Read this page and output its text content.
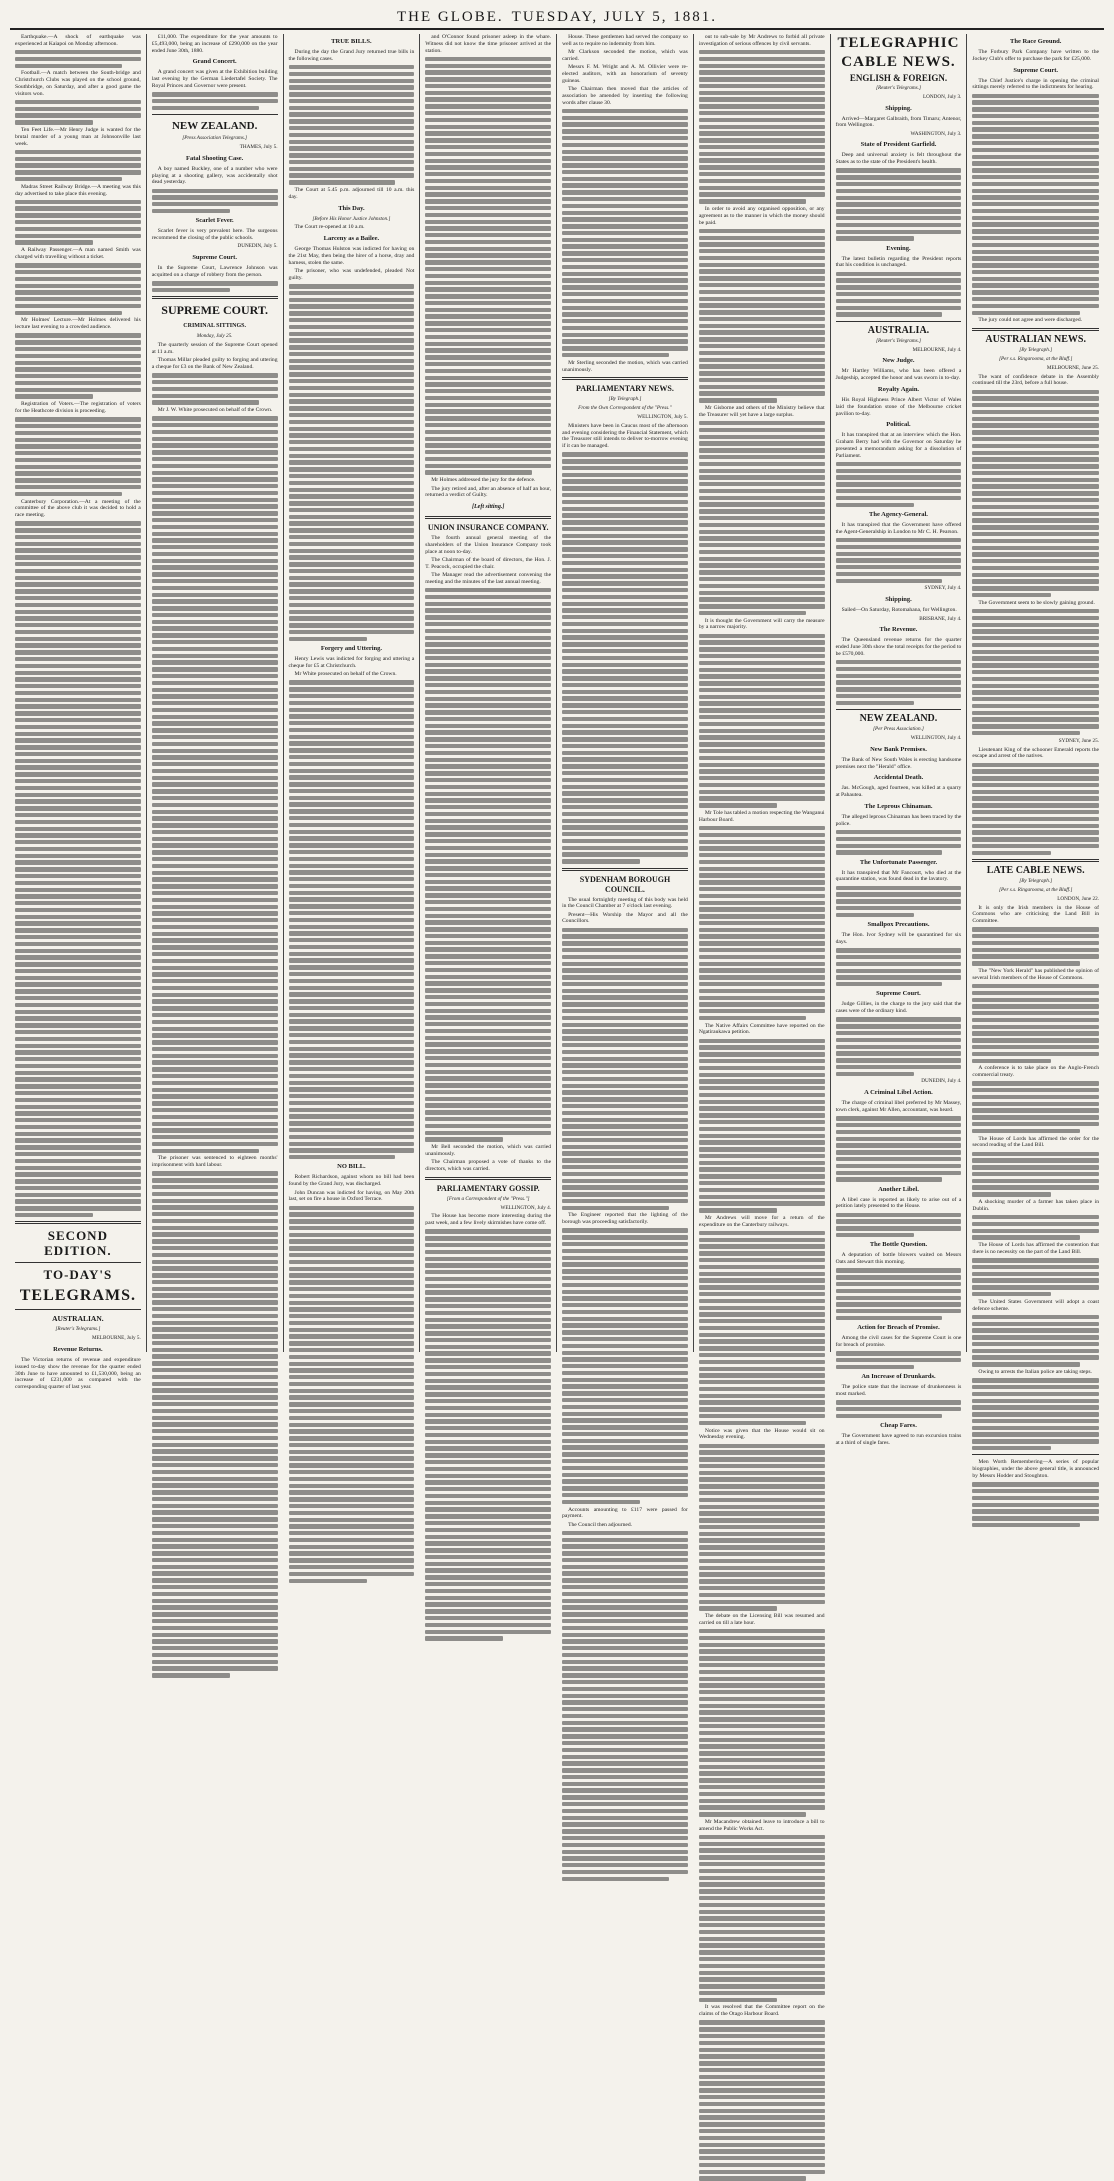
THE GLOBE. TUESDAY, JULY 5, 1881.

Earthquake.—A shock of earthquake was experienced at Kaiapoi on Monday afternoon.

Football.—A match between the South-bridge and Christchurch Clubs was played on the school ground, Southbridge, on Saturday, and after a good game the visitors won.

Ten Feet Life.—Mr Henry Judge is wanted for the brutal murder of a young man at Johnsonville last week.

Madras Street Railway Bridge.—A meeting was this day advertised to take place this evening.

A Railway Passenger.—A man named Smith was charged with travelling without a ticket.

Mr Holmes' Lecture.—Mr Holmes delivered his lecture last evening to a crowded audience.

Registration of Voters.—The registration of voters for the Heathcote division is proceeding.

Canterbury Corporation.—At a meeting of the committee of the above club it was decided to hold a race meeting.

SECOND EDITION.
TO-DAY'S
TELEGRAMS.
AUSTRALIAN.
[Reuter's Telegrams.]
MELBOURNE, July 5.
Revenue Returns.

The Victorian returns of revenue and expenditure issued to-day show the revenue for the quarter ended 30th June to have amounted to £1,530,000, being an increase of £231,000 as compared with the corresponding quarter of last year.

£11,000. The expenditure for the year amounts to £5,493,000, being an increase of £290,000 on the year ended June 30th, 1880.

Grand Concert.

A grand concert was given at the Exhibition building last evening by the German Liedertafel Society. The Royal Princes and Governor were present.

NEW ZEALAND.
[Press Association Telegrams.]
THAMES, July 5.
Fatal Shooting Case.

A boy named Buckley, one of a number who were playing at a shooting gallery, was accidentally shot dead yesterday.

Scarlet Fever.

Scarlet fever is very prevalent here. The surgeons recommend the closing of the public schools.

DUNEDIN, July 5.
Supreme Court.

In the Supreme Court, Lawrence Johnson was acquitted on a charge of robbery from the person.

SUPREME COURT.
CRIMINAL SITTINGS.
Monday, July 25.

The quarterly session of the Supreme Court opened at 11 a.m.

Thomas Millar pleaded guilty to forging and uttering a cheque for £3 on the Bank of New Zealand.

Mr J. W. White prosecuted on behalf of the Crown.

The prisoner was sentenced to eighteen months' imprisonment with hard labour.

TRUE BILLS.

During the day the Grand Jury returned true bills in the following cases.

The Court at 5.45 p.m. adjourned till 10 a.m. this day.

This Day.
[Before His Honor Justice Johnston.]

The Court re-opened at 10 a.m.

Larceny as a Bailee.

George Thomas Hulston was indicted for having on the 21st May, then being the hirer of a horse, dray and harness, stolen the same.

The prisoner, who was undefended, pleaded Not guilty.

Forgery and Uttering.

Henry Lewis was indicted for forging and uttering a cheque for £5 at Christchurch.

Mr White prosecuted on behalf of the Crown.

NO BILL.

Robert Richardson, against whom no bill had been found by the Grand Jury, was discharged.

John Duncan was indicted for having, on May 20th last, set on fire a house in Oxford Terrace.

and O'Connor found prisoner asleep in the whare. Witness did not know the time prisoner arrived at the station.

Mr Holmes addressed the jury for the defence.

The jury retired and, after an absence of half an hour, returned a verdict of Guilty.

[Left sitting.]
UNION INSURANCE COMPANY.

The fourth annual general meeting of the shareholders of the Union Insurance Company took place at noon to-day.

The Chairman of the board of directors, the Hon. J. T. Peacock, occupied the chair.

The Manager read the advertisement convening the meeting and the minutes of the last annual meeting.

Mr Bell seconded the motion, which was carried unanimously.

The Chairman proposed a vote of thanks to the directors, which was carried.

PARLIAMENTARY GOSSIP.
[From a Correspondent of the "Press."]
WELLINGTON, July 4.

The House has become more interesting during the past week, and a few lively skirmishes have come off.

House. These gentlemen had served the company so well as to require no indemnity from him.

Mr Clarkson seconded the motion, which was carried.

Messrs F. M. Wright and A. M. Ollivier were re-elected auditors, with an honorarium of seventy guineas.

The Chairman then moved that the articles of association be amended by inserting the following words after clause 30.

Mr Sterling seconded the motion, which was carried unanimously.

PARLIAMENTARY NEWS.
[By Telegraph.]
From the Own Correspondent of the "Press."
WELLINGTON, July 5.

Ministers have been in Caucus most of the afternoon and evening considering the Financial Statement, which the Treasurer still intends to deliver to-morrow evening if it can be managed.

SYDENHAM BOROUGH COUNCIL.

The usual fortnightly meeting of this body was held in the Council Chamber at 7 o'clock last evening.

Present—His Worship the Mayor and all the Councillors.

The Engineer reported that the lighting of the borough was proceeding satisfactorily.

Accounts amounting to £117 were passed for payment.

The Council then adjourned.

out to sub-sale by Mr Andrews to forbid all private investigation of serious offences by civil servants.

In order to avoid any organised opposition, or any agreement as to the manner in which the money should be paid.

Mr Gisborne and others of the Ministry believe that the Treasurer will yet have a large surplus.

It is thought the Government will carry the measure by a narrow majority.

Mr Tole has tabled a motion respecting the Wanganui Harbour Board.

The Native Affairs Committee have reported on the Ngatiraukawa petition.

Mr Andrews will move for a return of the expenditure on the Canterbury railways.

Notice was given that the House would sit on Wednesday evening.

The debate on the Licensing Bill was resumed and carried on till a late hour.

Mr Macandrew obtained leave to introduce a bill to amend the Public Works Act.

It was resolved that the Committee report on the claims of the Otago Harbour Board.

TELEGRAPHIC
CABLE NEWS.
ENGLISH & FOREIGN.
[Reuter's Telegrams.]
LONDON, July 3.
Shipping.

Arrived—Margaret Galbraith, from Timaru; Antenor, from Wellington.

WASHINGTON, July 3.
State of President Garfield.

Deep and universal anxiety is felt throughout the States as to the state of the President's health.

Evening.

The latest bulletin regarding the President reports that his condition is unchanged.

AUSTRALIA.
[Reuter's Telegrams.]
MELBOURNE, July 4.
New Judge.

Mr Hartley Williams, who has been offered a Judgeship, accepted the honor and was sworn in to-day.

Royalty Again.

His Royal Highness Prince Albert Victor of Wales laid the foundation stone of the Melbourne cricket pavilion to-day.

Political.

It has transpired that at an interview which the Hon. Graham Berry had with the Governor on Saturday he presented a memorandum asking for a dissolution of Parliament.

The Agency-General.

It has transpired that the Government have offered the Agent-Generalship in London to Mr C. H. Pearson.

SYDNEY, July 4.
Shipping.

Sailed—On Saturday, Rotomahana, for Wellington.

BRISBANE, July 4.
The Revenue.

The Queensland revenue returns for the quarter ended June 30th show the total receipts for the period to be £570,000.

NEW ZEALAND.
[Per Press Association.]
WELLINGTON, July 4.
New Bank Premises.

The Bank of New South Wales is erecting handsome premises next the "Herald" office.

Accidental Death.

Jas. McGough, aged fourteen, was killed at a quarry at Pahautea.

The Leprous Chinaman.

The alleged leprous Chinaman has been traced by the police.

The Unfortunate Passenger.

It has transpired that Mr Fancourt, who died at the quarantine station, was found dead in the lavatory.

Smallpox Precautions.

The Hon. Ivor Sydney will be quarantined for six days.

Supreme Court.

Judge Gillies, in the charge to the jury said that the cases were of the ordinary kind.

DUNEDIN, July 4.
A Criminal Libel Action.

The charge of criminal libel preferred by Mr Massey, town clerk, against Mr Allen, accountant, was heard.

Another Libel.

A libel case is reported as likely to arise out of a petition lately presented to the House.

The Bottle Question.

A deputation of bottle blowers waited on Messrs Oats and Stewart this morning.

Action for Breach of Promise.

Among the civil cases for the Supreme Court is one for breach of promise.

An Increase of Drunkards.

The police state that the increase of drunkenness is most marked.

Cheap Fares.

The Government have agreed to run excursion trains at a third of single fares.

The Race Ground.

The Forbury Park Company have written to the Jockey Club's offer to purchase the park for £25,000.

Supreme Court.

The Chief Justice's charge in opening the criminal sittings merely referred to the indictments for hearing.

The jury could not agree and were discharged.

AUSTRALIAN NEWS.
[By Telegraph.]
[Per s.s. Ringarooma, at the Bluff.]
MELBOURNE, June 25.

The want of confidence debate in the Assembly continued till the 23rd, before a full house.

The Government seem to be slowly gaining ground.

SYDNEY, June 25.

Lieutenant King of the schooner Emerald reports the escape and arrest of the natives.

LATE CABLE NEWS.
[By Telegraph.]
[Per s.s. Ringarooma, at the Bluff.]
LONDON, June 22.

It is only the Irish members in the House of Commons who are criticising the Land Bill in Committee.

The "New York Herald" has published the opinion of several Irish members of the House of Commons.

A conference is to take place on the Anglo-French commercial treaty.

The House of Lords has affirmed the order for the second reading of the Land Bill.

A shocking murder of a farmer has taken place in Dublin.

The House of Lords has affirmed the contention that there is no necessity on the part of the Land Bill.

The United States Government will adopt a coast defence scheme.

Owing to arrests the Italian police are taking steps.

Men Worth Remembering—A series of popular biographies, under the above general title, is announced by Messrs Hodder and Stoughton.
